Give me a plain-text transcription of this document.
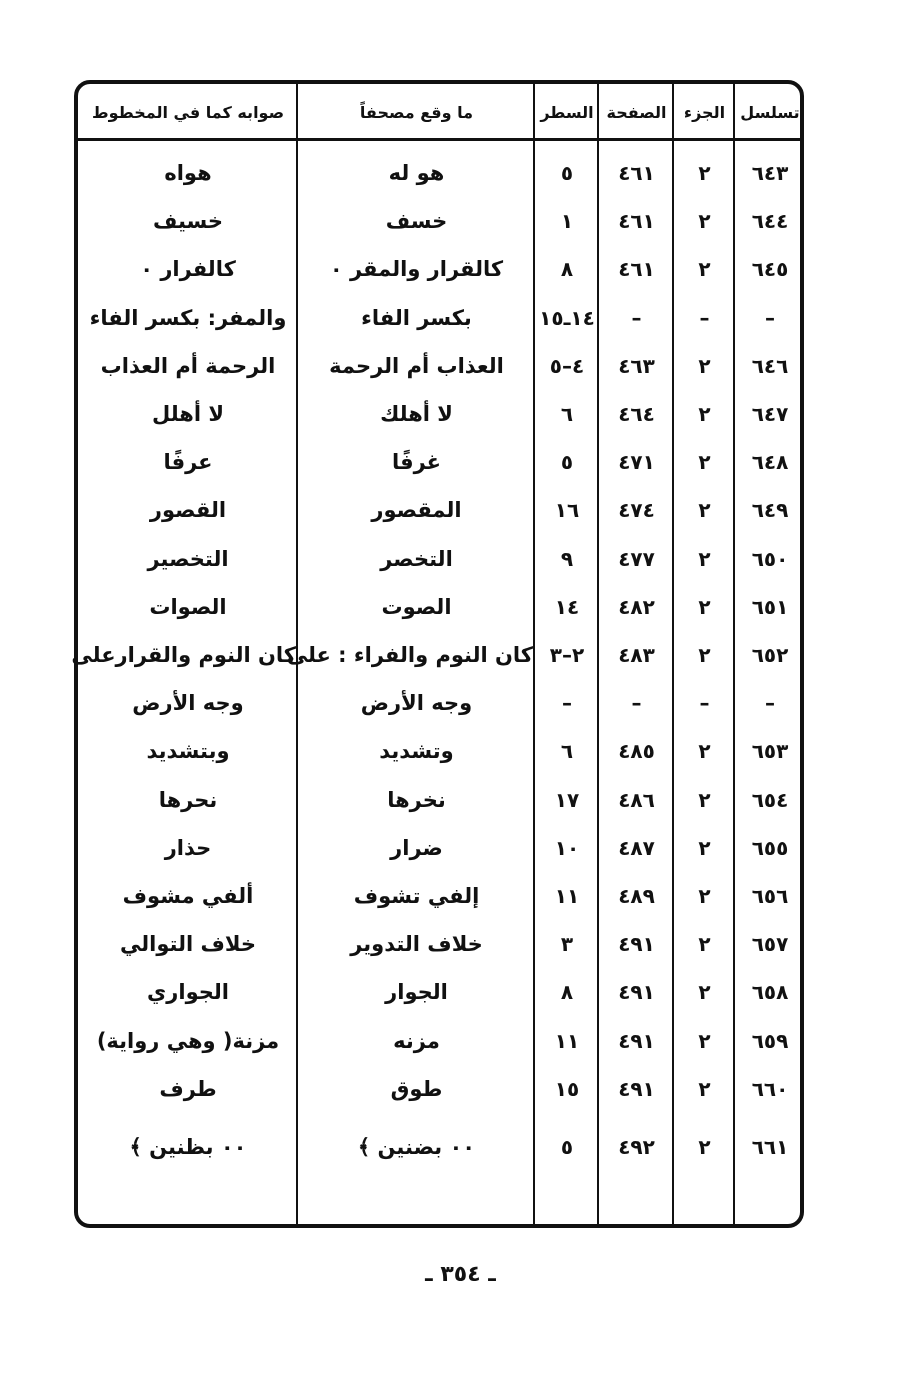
تسلسل
الجزء
الصفحة
السطر
ما وقع مصحفاً
صوابه كما في المخطوط
٦٤٣
٢
٤٦١
٥
هو له
هواه
٦٤٤
٢
٤٦١
١
خسف
خسيف
٦٤٥
٢
٤٦١
٨
كالقرار والمقر ٠
كالفرار ٠
–
–
–
١٤ـ١٥
بكسر الفاء
والمفر: بكسر الفاء
٦٤٦
٢
٤٦٣
٤–٥
العذاب أم الرحمة
الرحمة أم العذاب
٦٤٧
٢
٤٦٤
٦
لا أهلك
لا أهلل
٦٤٨
٢
٤٧١
٥
غرفًا
عرفًا
٦٤٩
٢
٤٧٤
١٦
المقصور
القصور
٦٥٠
٢
٤٧٧
٩
التخصر
التخصير
٦٥١
٢
٤٨٢
١٤
الصوت
الصوات
٦٥٢
٢
٤٨٣
٢–٣
كان النوم والفراء : على
كان النوم والقرارعلى
–
–
–
–
وجه الأرض
وجه الأرض
٦٥٣
٢
٤٨٥
٦
وتشديد
وبتشديد
٦٥٤
٢
٤٨٦
١٧
نخرها
نحرها
٦٥٥
٢
٤٨٧
١٠
ضرار
حذار
٦٥٦
٢
٤٨٩
١١
إلفي تشوف
ألفي مشوف
٦٥٧
٢
٤٩١
٣
خلاف التدوير
خلاف التوالي
٦٥٨
٢
٤٩١
٨
الجوار
الجواري
٦٥٩
٢
٤٩١
١١
مزنه
مزنة( وهي رواية)
٦٦٠
٢
٤٩١
١٥
طوق
طرف
٦٦١
٢
٤٩٢
٥
٠٠ بضنين ﴾
٠٠ بظنين ﴾
ـ ٣٥٤ ـ
